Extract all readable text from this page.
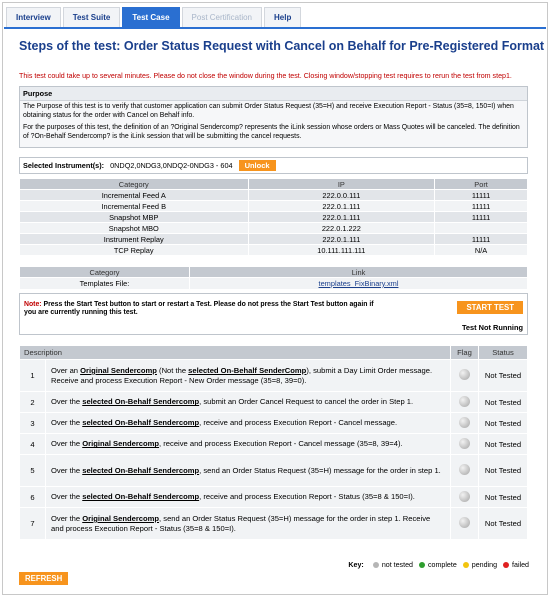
Interview	Test Suite	Test Case	Post Certification	Help
Steps of the test: Order Status Request with Cancel on Behalf for Pre-Registered Format
This test could take up to several minutes. Please do not close the window during the test. Closing window/stopping test requires to rerun the test from step1.
Purpose

The Purpose of this test is to verify that customer application can submit Order Status Request (35=H) and receive Execution Report - Status (35=8, 150=I) when obtaining status for the order with Cancel on Behalf info.

For the purposes of this test, the definition of an ?Original Sendercomp? represents the iLink session whose orders or Mass Quotes will be canceled. The definition of ?On-Behalf Sendercomp? is the iLink session that will be submitting the cancel requests.

Selected Instrument(s): 0NDQ2,0NDG3,0NDQ2-0NDG3 - 604	Unlock
Category	IP	Port
Incremental Feed A	222.0.0.111	11111
Incremental Feed B	222.0.1.111	11111
Snapshot MBP	222.0.1.111	11111
Snapshot MBO	222.0.1.222	
Instrument Replay	222.0.1.111	11111
TCP Replay	10.111.111.111	N/A
Category	Link
Templates File:	templates_FixBinary.xml
Note: Press the Start Test button to start or restart a Test. Please do not press the Start Test button again if you are currently running this test.
START TEST
Test Not Running
Description		Flag	Status
1	Over an Original Sendercomp (Not the selected On-Behalf SenderComp), submit a Day Limit Order message. Receive and process Execution Report - New Order message (35=8, 39=0).		Not Tested
2	Over the selected On-Behalf Sendercomp, submit an Order Cancel Request to cancel the order in Step 1.		Not Tested
3	Over the selected On-Behalf Sendercomp, receive and process Execution Report - Cancel message.		Not Tested
4	Over the Original Sendercomp, receive and process Execution Report - Cancel message (35=8, 39=4).		Not Tested
5	Over the selected On-Behalf Sendercomp, send an Order Status Request (35=H) message for the order in step 1.		Not Tested
6	Over the selected On-Behalf Sendercomp, receive and process Execution Report - Status (35=8 & 150=I).		Not Tested
7	Over the Original Sendercomp, send an Order Status Request (35=H) message for the order in step 1. Receive and process Execution Report - Status (35=8 & 150=I).		Not Tested
Key:	not tested complete pending failed
REFRESH
